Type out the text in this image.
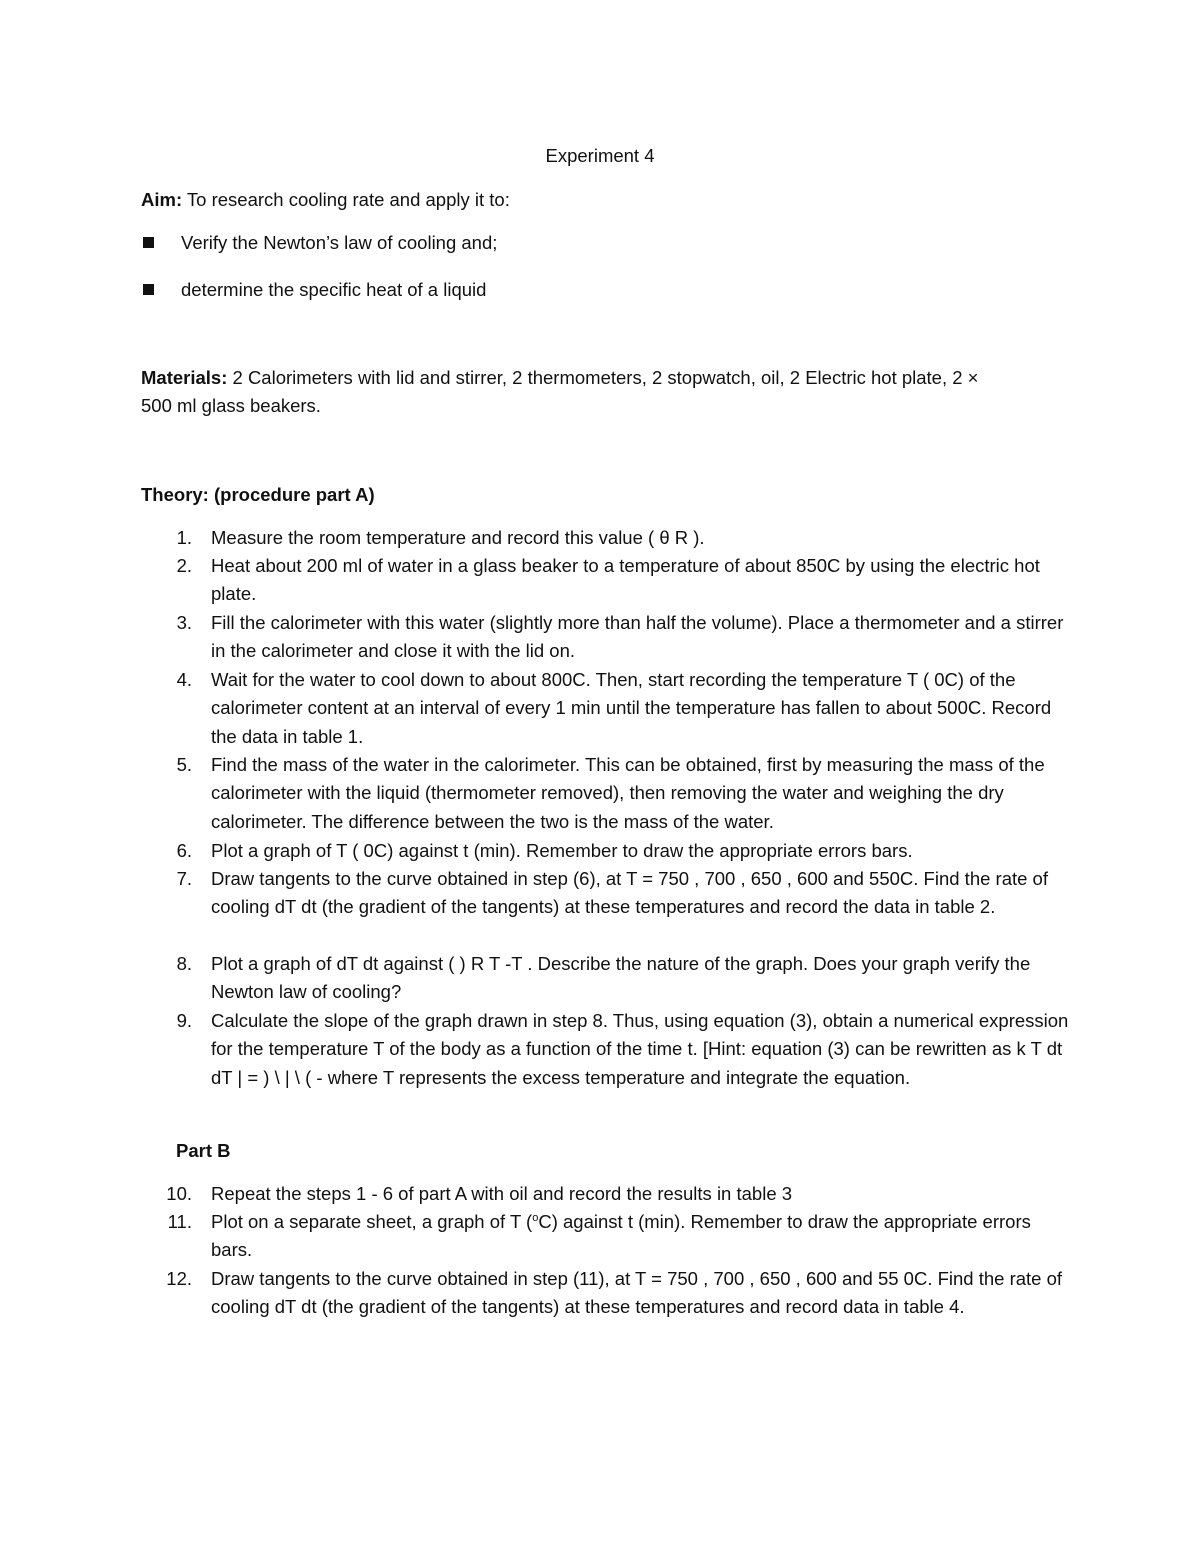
Experiment 4
Aim: To research cooling rate and apply it to:
Verify the Newton’s law of cooling and;
determine the specific heat of a liquid
Materials: 2 Calorimeters with lid and stirrer, 2 thermometers, 2 stopwatch, oil, 2 Electric hot plate, 2 ×
500 ml glass beakers.
Theory: (procedure part A)
1. Measure the room temperature and record this value ( θ R ).
2. Heat about 200 ml of water in a glass beaker to a temperature of about 850C by using the electric hot plate.
3. Fill the calorimeter with this water (slightly more than half the volume). Place a thermometer and a stirrer in the calorimeter and close it with the lid on.
4. Wait for the water to cool down to about 800C. Then, start recording the temperature T ( 0C) of the calorimeter content at an interval of every 1 min until the temperature has fallen to about 500C. Record the data in table 1.
5. Find the mass of the water in the calorimeter. This can be obtained, first by measuring the mass of the calorimeter with the liquid (thermometer removed), then removing the water and weighing the dry calorimeter. The difference between the two is the mass of the water.
6. Plot a graph of T ( 0C) against t (min). Remember to draw the appropriate errors bars.
7. Draw tangents to the curve obtained in step (6), at T = 750 , 700 , 650 , 600 and 550C. Find the rate of cooling dT dt (the gradient of the tangents) at these temperatures and record the data in table 2.
8. Plot a graph of dT dt against ( ) R T -T . Describe the nature of the graph. Does your graph verify the Newton law of cooling?
9. Calculate the slope of the graph drawn in step 8. Thus, using equation (3), obtain a numerical expression for the temperature T of the body as a function of the time t. [Hint: equation (3) can be rewritten as k T dt dT | = ) \ | \ ( - where T represents the excess temperature and integrate the equation.
Part B
10. Repeat the steps 1 - 6 of part A with oil and record the results in table 3
11. Plot on a separate sheet, a graph of T ($^o$C) against t (min). Remember to draw the appropriate errors bars.
12. Draw tangents to the curve obtained in step (11), at T = 750 , 700 , 650 , 600 and 55 0C. Find the rate of cooling dT dt (the gradient of the tangents) at these temperatures and record data in table 4.
